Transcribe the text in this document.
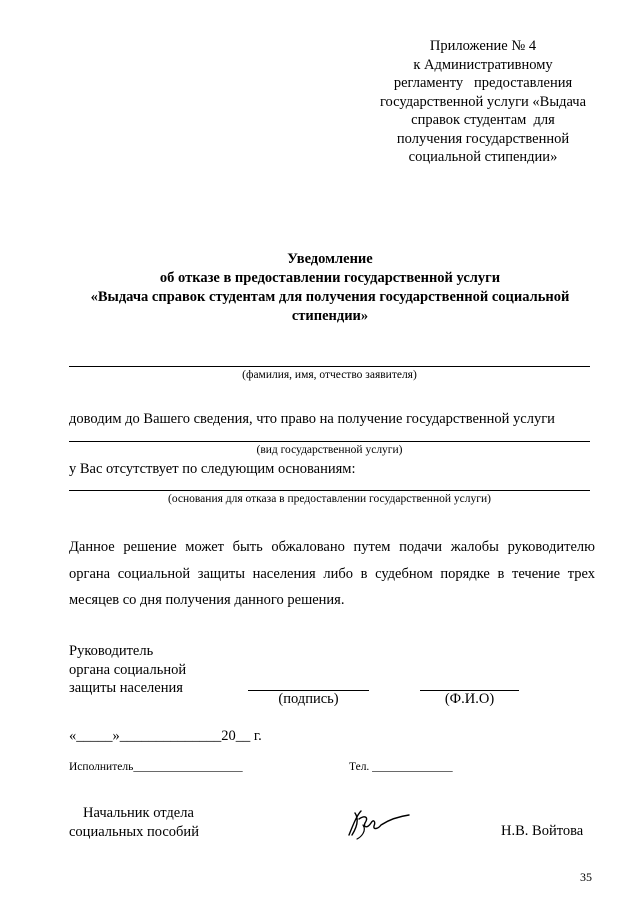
Приложение № 4
к Административному
регламенту   предоставления
государственной услуги «Выдача
справок студентам  для
получения государственной
социальной стипендии»
Уведомление
об отказе в предоставлении государственной услуги
«Выдача справок студентам для получения государственной социальной
стипендии»
(фамилия, имя, отчество заявителя)
доводим до Вашего сведения, что право на получение государственной услуги
(вид государственной услуги)
у Вас отсутствует по следующим основаниям:
(основания для отказа в предоставлении государственной услуги)
Данное решение может быть обжаловано путем подачи жалобы руководителю органа социальной защиты населения либо в судебном порядке в течение трех месяцев со дня получения данного решения.
Руководитель
органа социальной
защиты населения
(подпись)	(Ф.И.О)
«_____»______________20__ г.
Исполнитель___________________	Тел. ______________
Начальник отдела
социальных пособий	Н.В. Войтова
35
